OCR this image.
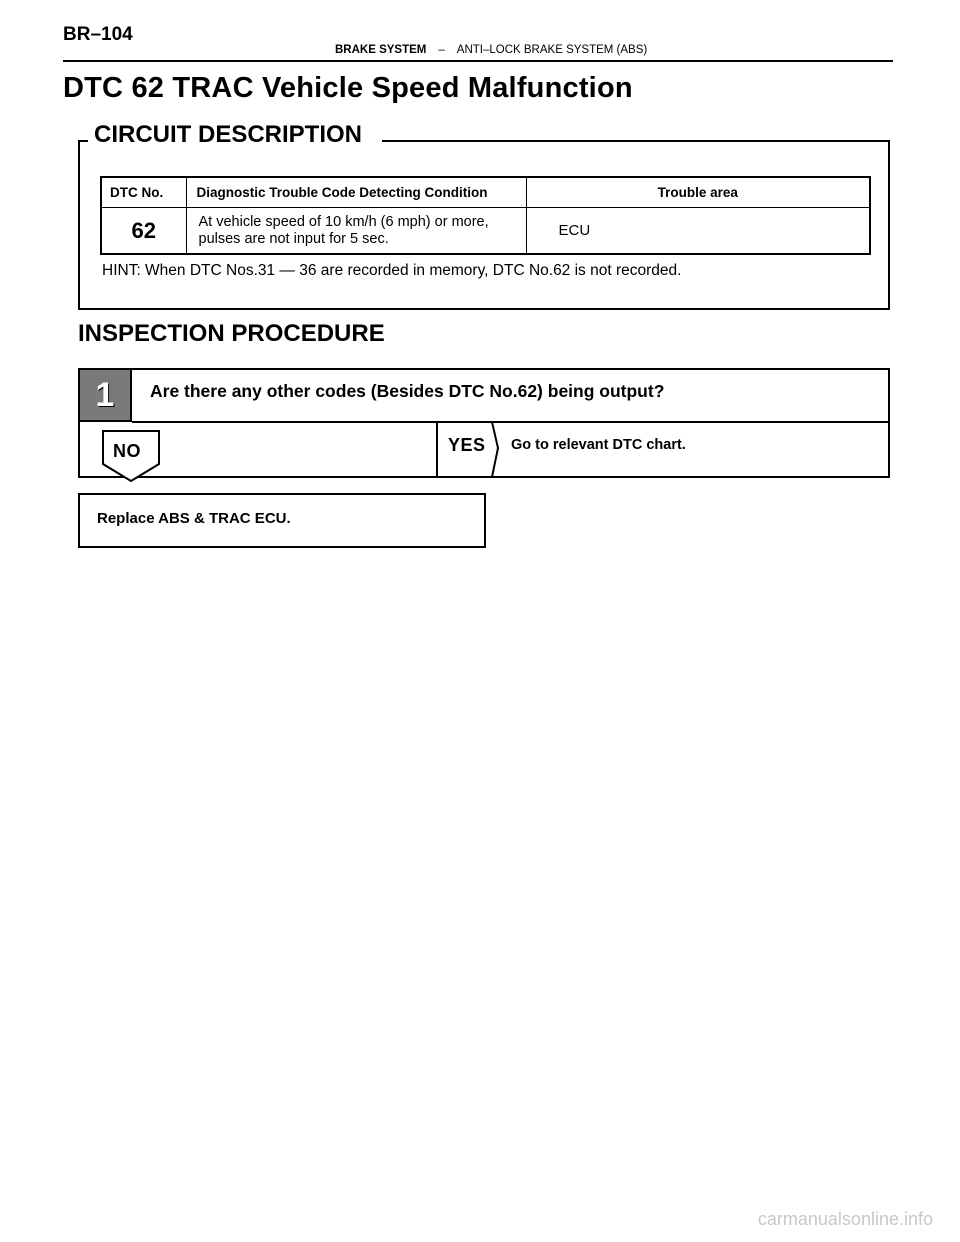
BR–104
BRAKE SYSTEM – ANTI–LOCK BRAKE SYSTEM (ABS)
DTC 62 TRAC Vehicle Speed Malfunction
CIRCUIT DESCRIPTION
DTC No.	Diagnostic Trouble Code Detecting Condition	Trouble area
62	At vehicle speed of 10 km/h (6 mph) or more,
pulses are not input for 5 sec.	ECU
HINT: When DTC Nos.31 — 36 are recorded in memory, DTC No.62 is not recorded.
INSPECTION PROCEDURE
1	Are there any other codes (Besides DTC No.62) being output?
NO	YES Go to relevant DTC chart.
Replace ABS & TRAC ECU.
carmanualsonline.info
